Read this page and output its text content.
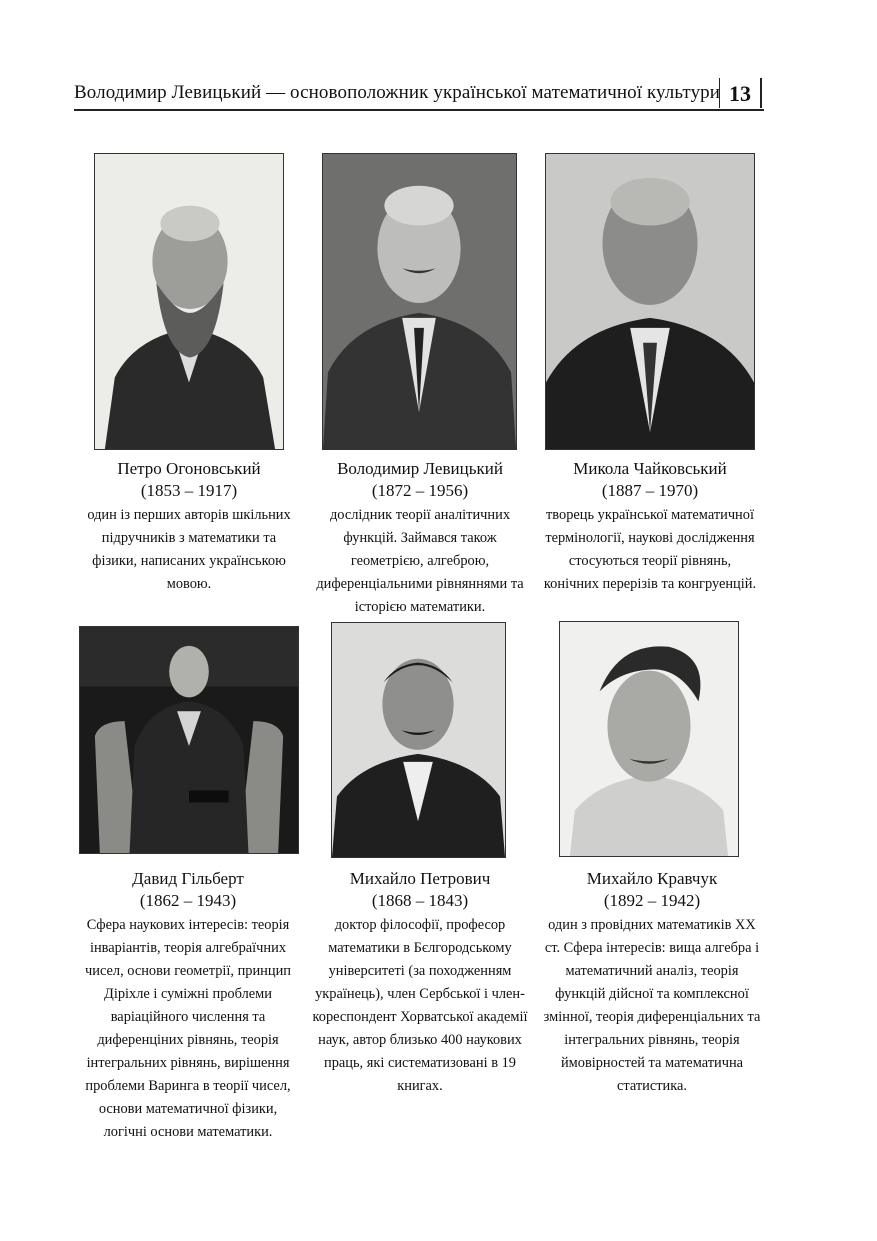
Володимир Левицький — основоположник української математичної культури 13
Петро Огоновський
(1853 – 1917)
один із перших авторів шкільних підручників з математики та фізики, написаних українською мовою.
Володимир Левицький
(1872 – 1956)
дослідник теорії аналітичних функцій. Займався також геометрією, алгеброю, диференціальними рівняннями та історією математики.
Микола Чайковський
(1887 – 1970)
творець української математичної термінології, наукові дослідження стосуються теорії рівнянь, конічних перерізів та конгруенцій.
Давид Гільберт
(1862 – 1943)
Сфера наукових інтересів: теорія інваріантів, теорія алгебраїчних чисел, основи геометрії, принцип Діріхле і суміжні проблеми варіаційного числення та диференціних рівнянь, теорія інтегральних рівнянь, вирішення проблеми Варинга в теорії чисел, основи математичної фізики, логічні основи математики.
Михайло Петрович
(1868 – 1843)
доктор філософії, професор математики в Бєлгородському університеті (за походженням українець), член Сербської і член-кореспондент Хорватської академії наук, автор близько 400 наукових праць, які систематизовані в 19 книгах.
Михайло Кравчук
(1892 – 1942)
один з провідних математиків XX ст. Сфера інтересів: вища алгебра і математичний аналіз, теорія функцій дійсної та комплексної змінної, теорія диференціальних та інтегральних рівнянь, теорія ймовірностей та математична статистика.
